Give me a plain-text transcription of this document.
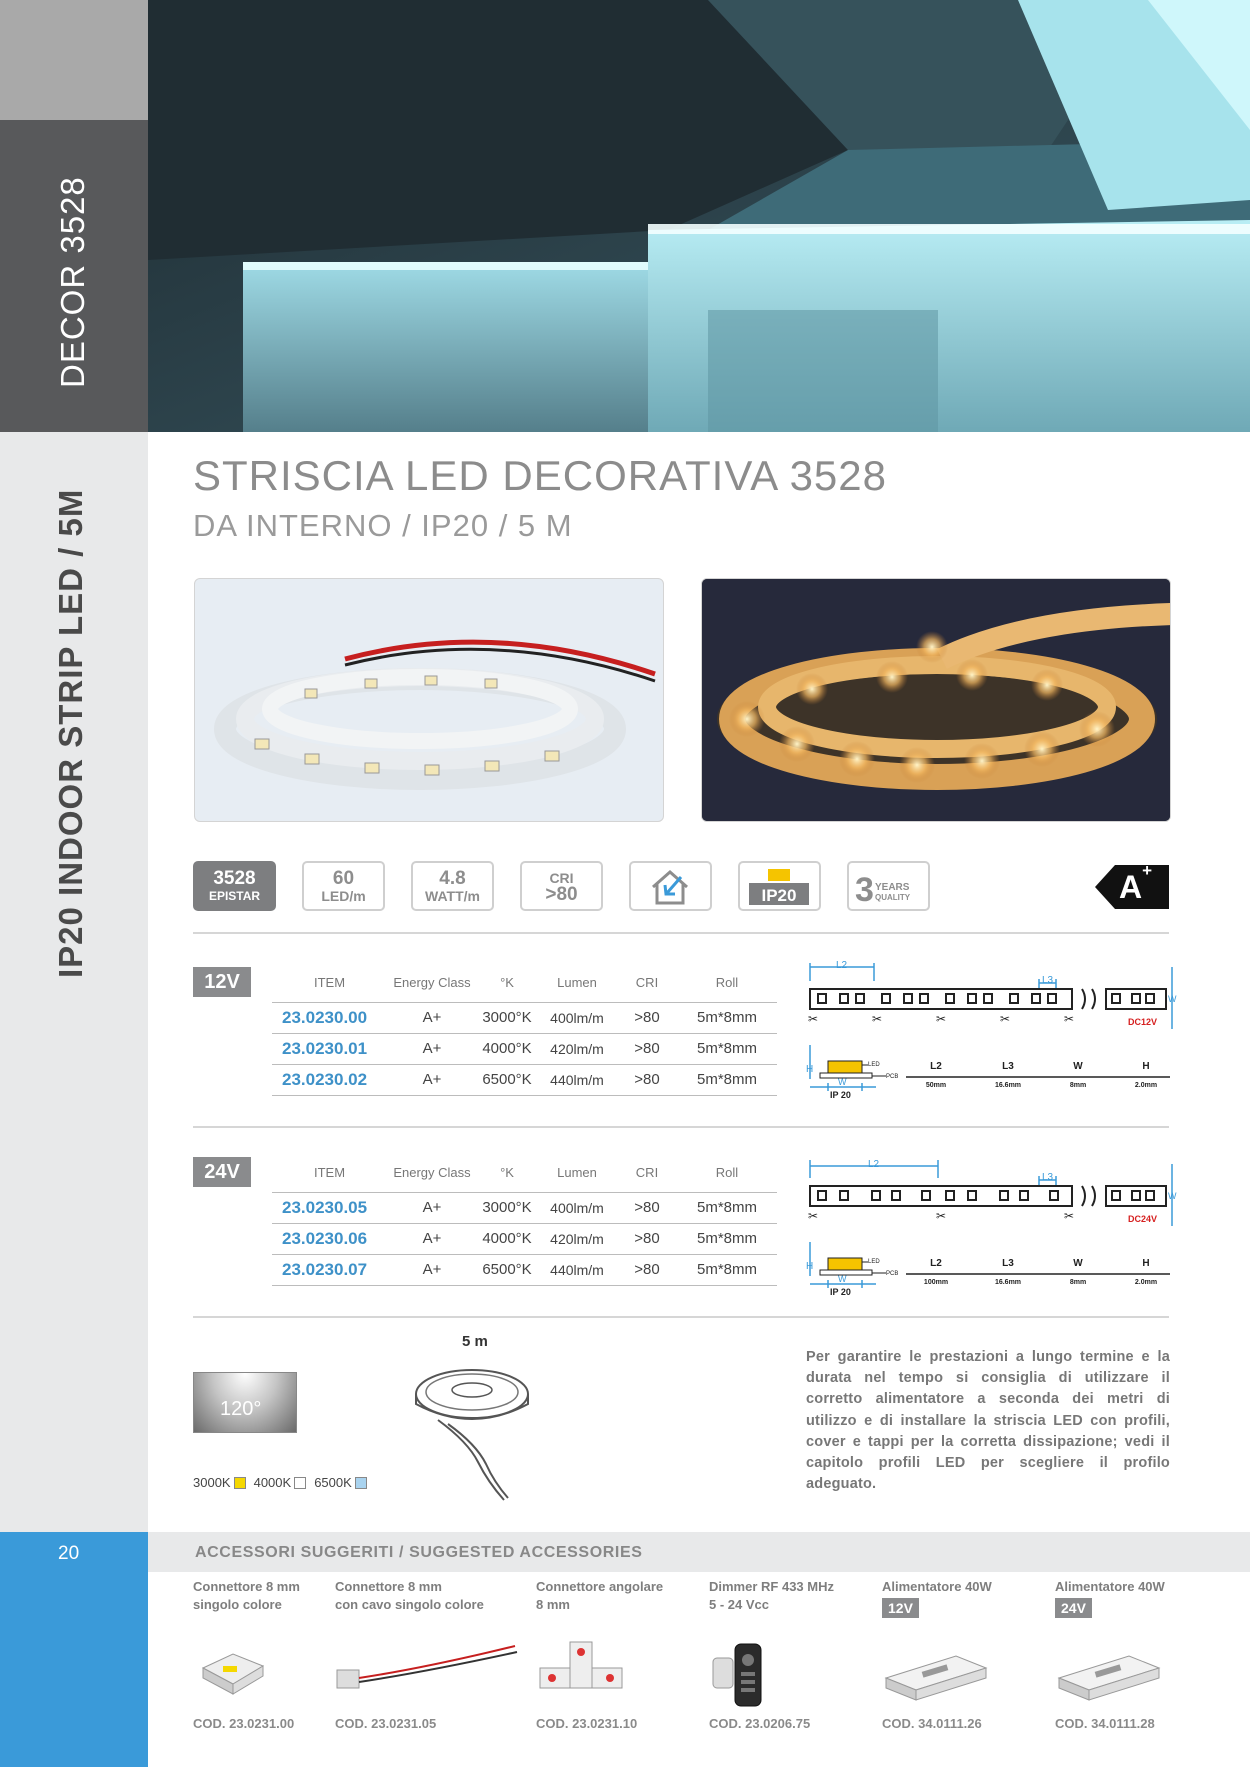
DECOR 3528
IP20 INDOOR STRIP LED / 5M
20
STRISCIA LED DECORATIVA 3528
DA INTERNO / IP20 / 5 M
3528
EPISTAR
60
LED/m
4.8
WATT/m
CRI
>80	IP20 3 YEARS
QUALITY	A+
12V	ITEM	Energy Class	°K	Lumen	CRI	Roll
23.0230.00	A+	3000°K	400lm/m	>80	5m*8mm
23.0230.01	A+	4000°K	420lm/m	>80	5m*8mm
23.0230.02	A+	6500°K	440lm/m	>80	5m*8mm
L2
L3
W
✂	✂	✂	✂	✂	DC12V
H	LED
PCB
W
IP 20
L2	L3	W	H
50mm	16.6mm	8mm	2.0mm
24V	ITEM	Energy Class	°K	Lumen	CRI	Roll
23.0230.05	A+	3000°K	400lm/m	>80	5m*8mm
23.0230.06	A+	4000°K	420lm/m	>80	5m*8mm
23.0230.07	A+	6500°K	440lm/m	>80	5m*8mm
L2
L3
W
✂	✂	✂	DC24V
H	LED
PCB
W
IP 20
L2	L3	W	H
100mm	16.6mm	8mm	2.0mm
120°
3000K 4000K 6500K
5 m
Per garantire le prestazioni a lungo termine e la durata nel tempo si consiglia di utilizzare il corretto alimentatore a seconda dei metri di utilizzo e di installare la striscia LED con profili, cover e tappi per la corretta dissipazione; vedi il capitolo profili LED per scegliere il profilo adeguato.
ACCESSORI SUGGERITI / SUGGESTED ACCESSORIES
Connettore 8 mm
singolo colore
COD. 23.0231.00
Connettore 8 mm
con cavo singolo colore
COD. 23.0231.05
Connettore angolare
8 mm
COD. 23.0231.10
Dimmer RF 433 MHz
5 - 24 Vcc
COD. 23.0206.75
Alimentatore 40W
12V
COD. 34.0111.26
Alimentatore 40W
24V
COD. 34.0111.28
